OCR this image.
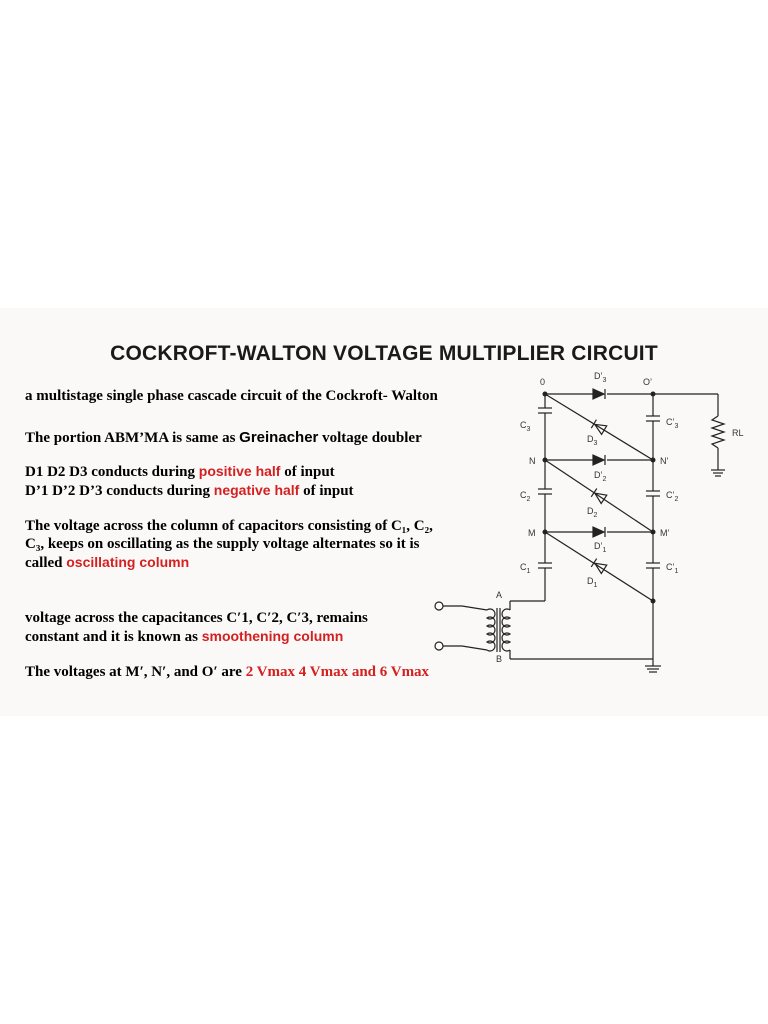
COCKROFT-WALTON VOLTAGE MULTIPLIER CIRCUIT
a multistage single phase cascade circuit of the Cockroft- Walton
The portion ABM’MA is same as Greinacher voltage doubler
D1 D2 D3 conducts during positive half of input
D’1 D’2 D’3 conducts during negative half of input
The voltage across the column of capacitors consisting of C₁, C₂,
C₃, keeps on oscillating as the supply voltage alternates so it is
called oscillating column
voltage across the capacitances C′1, C′2, C′3, remains
constant and it is known as smoothening column
The voltages at M′, N′, and O′ are 2 Vmax 4 Vmax and 6 Vmax
0	O’
N	N’
M	M’
A
B
RL
$C_3$
$C_2$
$C_1$
$C’_3$
$C’_2$
$C’_1$
$D’_3$
$D’_2$
$D’_1$
$D_3$
$D_2$
$D_1$
